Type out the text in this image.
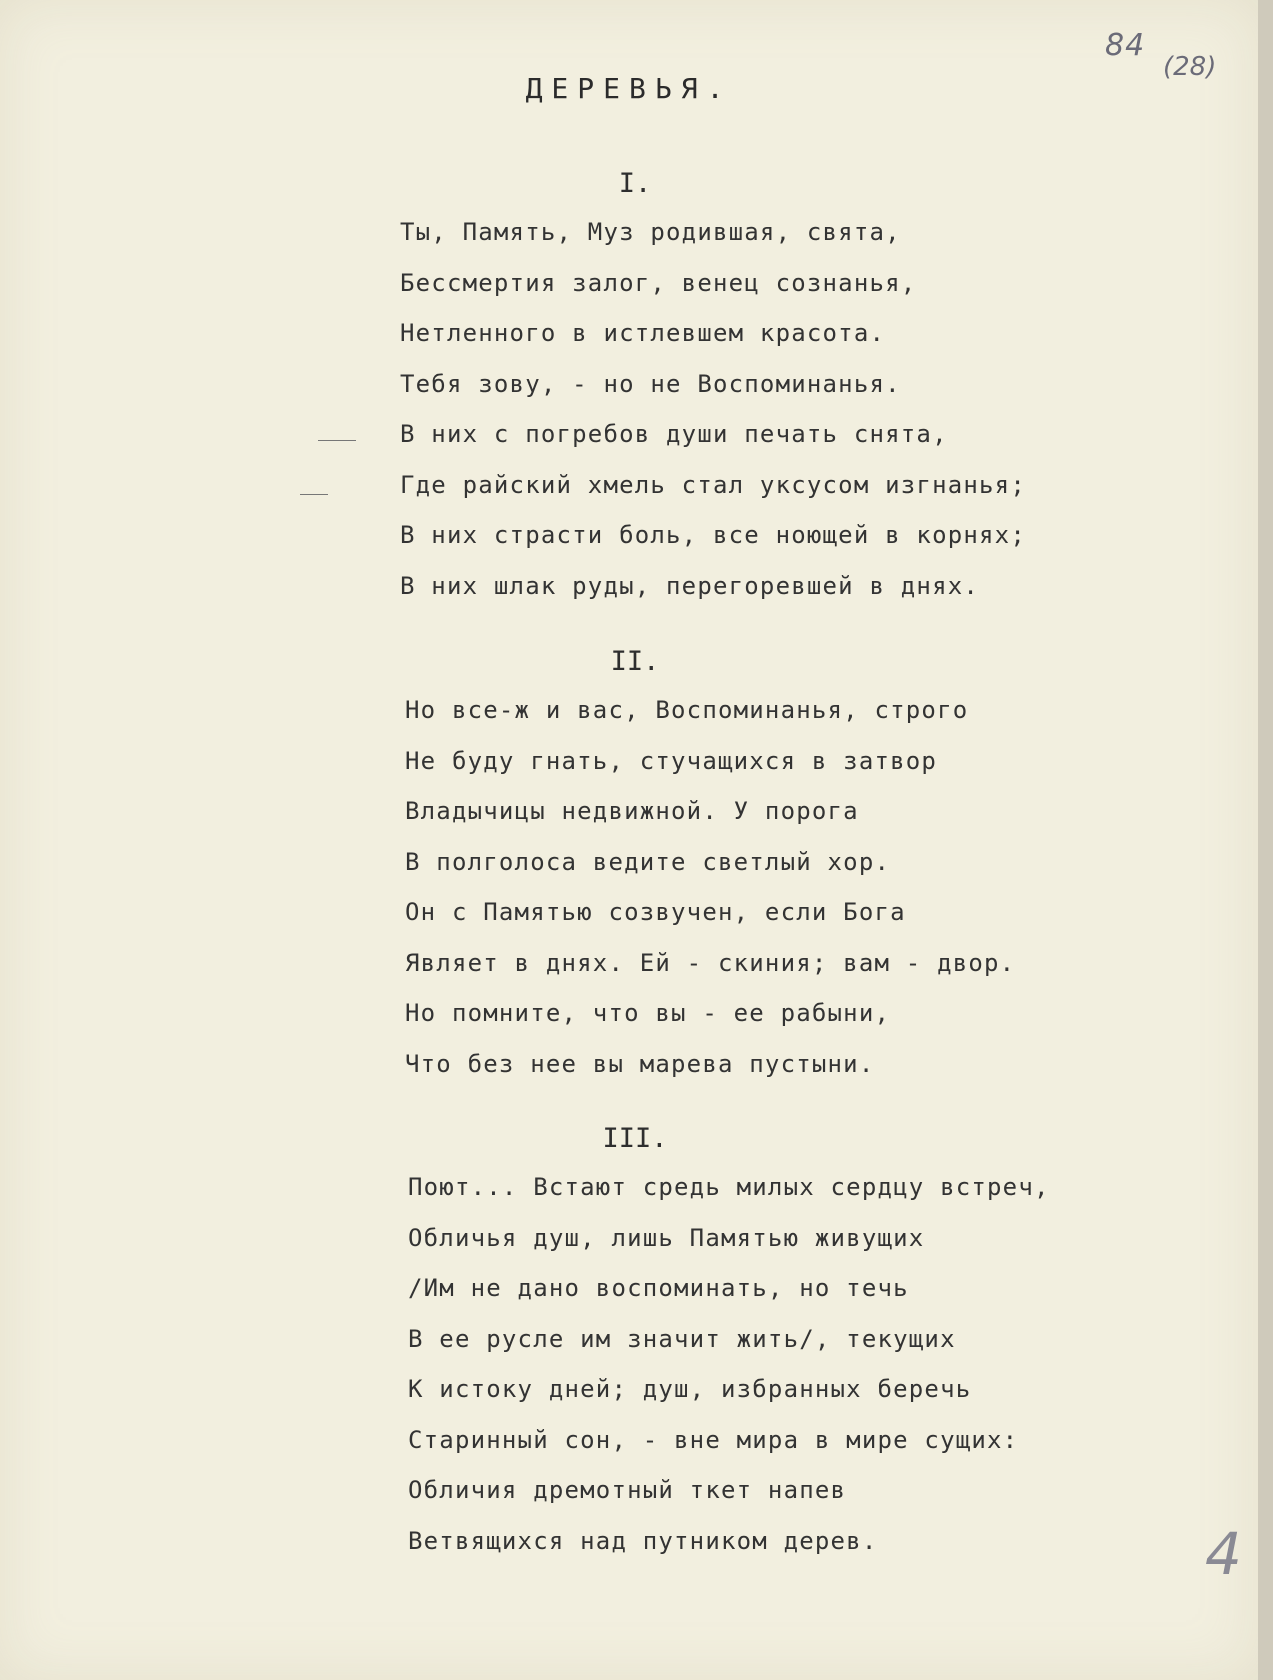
84
(28)
ДЕРЕВЬЯ.
I.
Ты, Память, Муз родившая, свята,
Бессмертия залог, венец сознанья,
Нетленного в истлевшем красота.
Тебя зову, - но не Воспоминанья.
В них с погребов души печать снята,
Где райский хмель стал уксусом изгнанья;
В них страсти боль, все ноющей в корнях;
В них шлак руды, перегоревшей в днях.
II.
Но все-ж и вас, Воспоминанья, строго
Не буду гнать, стучащихся в затвор
Владычицы недвижной. У порога
В полголоса ведите светлый хор.
Он с Памятью созвучен, если Бога
Являет в днях. Ей - скиния; вам - двор.
Но помните, что вы - ее рабыни,
Что без нее вы марева пустыни.
III.
Поют... Встают средь милых сердцу встреч,
Обличья душ, лишь Памятью живущих
/Им не дано воспоминать, но течь
В ее русле им значит жить/, текущих
К истоку дней; душ, избранных беречь
Старинный сон, - вне мира в мире сущих:
Обличия дремотный ткет напев
Ветвящихся над путником дерев.	4
